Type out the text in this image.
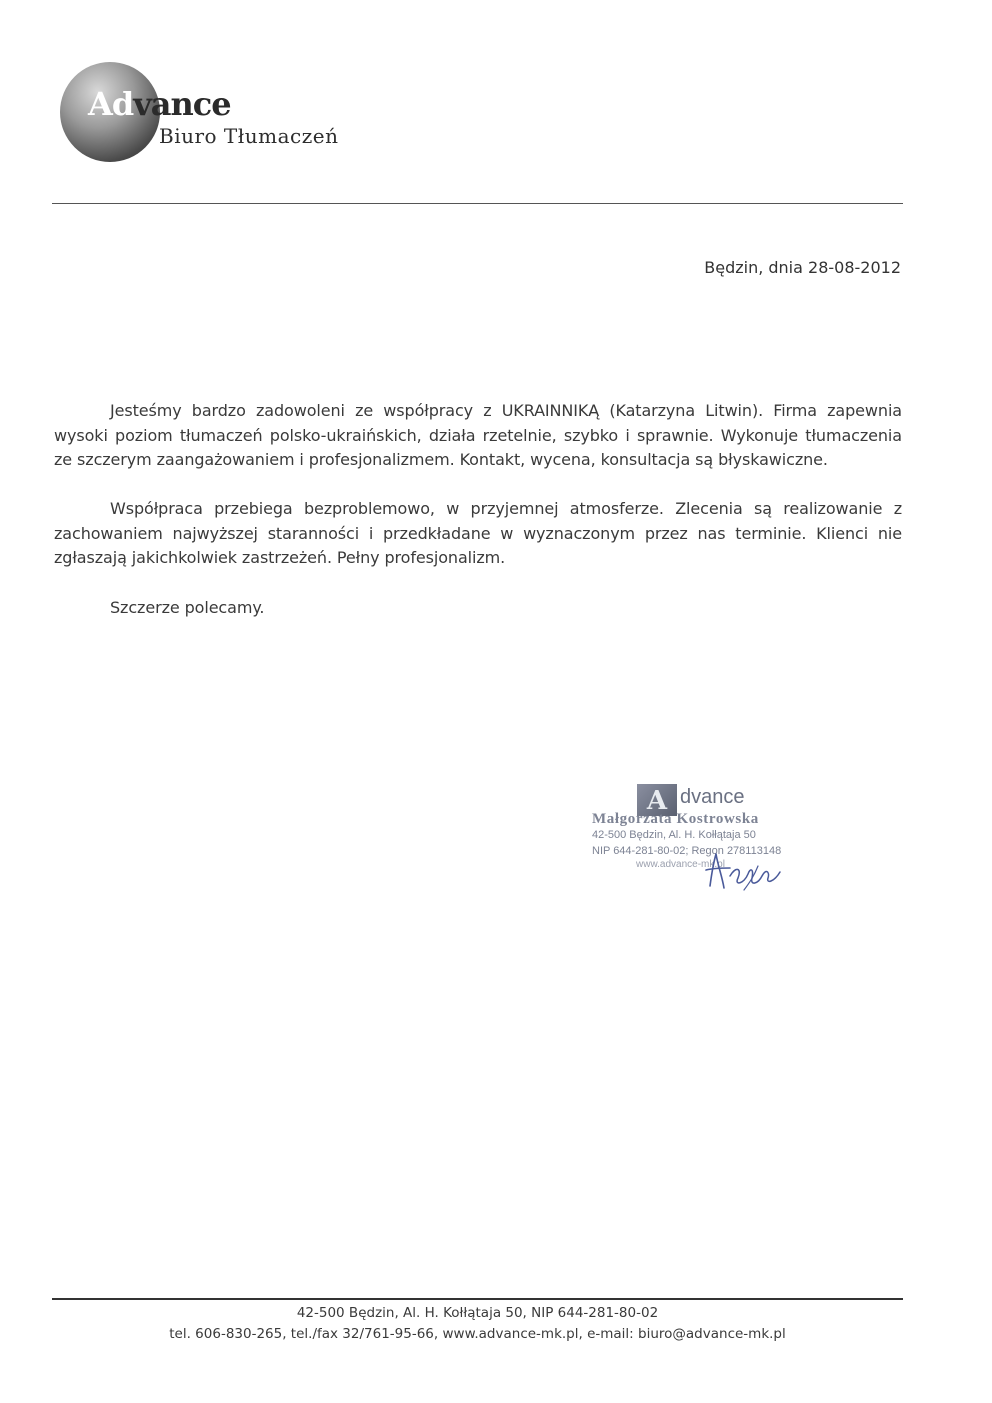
Advance
Biuro Tłumaczeń
Będzin, dnia 28-08-2012
Jesteśmy bardzo zadowoleni ze współpracy z UKRAINNIKĄ (Katarzyna Litwin). Firma zapewnia wysoki poziom tłumaczeń polsko-ukraińskich, działa rzetelnie, szybko i sprawnie. Wykonuje tłumaczenia ze szczerym zaangażowaniem i profesjonalizmem. Kontakt, wycena, konsultacja są błyskawiczne.
Współpraca przebiega bezproblemowo, w przyjemnej atmosferze. Zlecenia są realizowanie z zachowaniem najwyższej staranności i przedkładane w wyznaczonym przez nas terminie. Klienci nie zgłaszają jakichkolwiek zastrzeżeń. Pełny profesjonalizm.
Szczerze polecamy.
A dvance
Małgorzata Kostrowska
42-500 Będzin, Al. H. Kołłątaja 50
NIP 644-281-80-02; Regon 278113148
www.advance-mk.pl
42-500 Będzin, Al. H. Kołłątaja 50, NIP 644-281-80-02
tel. 606-830-265, tel./fax 32/761-95-66, www.advance-mk.pl, e-mail: biuro@advance-mk.pl
